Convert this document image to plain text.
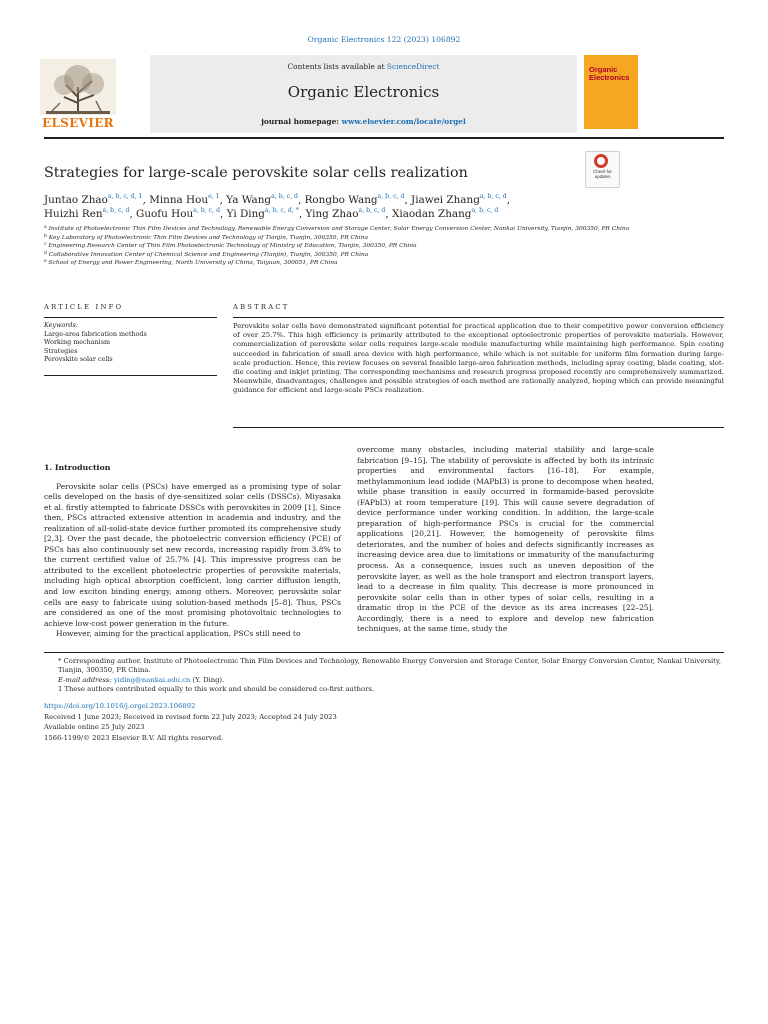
Organic Electronics 122 (2023) 106892
Contents lists available at ScienceDirect
Organic Electronics
journal homepage: www.elsevier.com/locate/orgel
ELSEVIER
Organic Electronics
Strategies for large-scale perovskite solar cells realization	Check for updates
Juntao Zhao$^{a, b, c, d, 1}$, Minna Hou$^{e, 1}$, Ya Wang$^{a, b, c, d}$, Rongbo Wang$^{a, b, c, d}$, Jiawei Zhang$^{a, b, c, d}$,
Huizhi Ren$^{a, b, c, d}$, Guofu Hou$^{a, b, c, d}$, Yi Ding$^{a, b, c, d, *}$, Ying Zhao$^{a, b, c, d}$, Xiaodan Zhang$^{a, b, c, d}$
$^a$ Institute of Photoelectronic Thin Film Devices and Technology, Renewable Energy Conversion and Storage Center, Solar Energy Conversion Center, Nankai University, Tianjin, 300350, PR China
$^b$ Key Laboratory of Photoelectronic Thin Film Devices and Technology of Tianjin, Tianjin, 300350, PR China
$^c$ Engineering Research Center of Thin Film Photoelectronic Technology of Ministry of Education, Tianjin, 300350, PR China
$^d$ Collaborative Innovation Center of Chemical Science and Engineering (Tianjin), Tianjin, 300350, PR China
$^e$ School of Energy and Power Engineering, North University of China, Taiyuan, 300051, PR China
ARTICLE INFO	ABSTRACT
Keywords:
Large-area fabrication methods
Working mechanism
Strategies
Perovskite solar cells
Perovskite solar cells have demonstrated significant potential for practical application due to their competitive power conversion efficiency of over 25.7%. This high efficiency is primarily attributed to the exceptional optoelectronic properties of perovskite materials. However, commercialization of perovskite solar cells requires large-scale module manufacturing while maintaining high performance. Spin coating succeeded in fabrication of small area device with high performance, while which is not suitable for uniform film formation during large-scale production. Hence, this review focuses on several feasible large-area fabrication methods, including spray coating, blade coating, slot-die coating and inkjet printing. The corresponding mechanisms and research progress proposed recently are comprehensively summarized. Meanwhile, disadvantages, challenges and possible strategies of each method are rationally analyzed, hoping which can provide meaningful guidance for efficient and large-scale PSCs realization.

1. Introduction

Perovskite solar cells (PSCs) have emerged as a promising type of solar cells developed on the basis of dye-sensitized solar cells (DSSCs). Miyasaka et al. firstly attempted to fabricate DSSCs with perovskites in 2009 [1]. Since then, PSCs attracted extensive attention in academia and industry, and the realization of all-solid-state device further promoted its comprehensive study [2,3]. Over the past decade, the photoelectric conversion efficiency (PCE) of PSCs has also continuously set new records, increasing rapidly from 3.8% to the current certified value of 25.7% [4]. This impressive progress can be attributed to the excellent photoelectric properties of perovskite materials, including high optical absorption coefficient, long carrier diffusion length, and low exciton binding energy, among others. Moreover, perovskite solar cells are easy to fabricate using solution-based methods [5–8]. Thus, PSCs are considered as one of the most promising photovoltaic technologies to achieve low-cost power generation in the future.

However, aiming for the practical application, PSCs still need to

overcome many obstacles, including material stability and large-scale fabrication [9–15]. The stability of perovskite is affected by both its intrinsic properties and environmental factors [16–18]. For example, methylammonium lead iodide (MAPbI3) is prone to decompose when heated, while phase transition is easily occurred in formamide-based perovskite (FAPbI3) at room temperature [19]. This will cause severe degradation of device performance under working condition. In addition, the large-scale preparation of high-performance PSCs is crucial for the commercial applications [20,21]. However, the homogeneity of perovskite films deteriorates, and the number of holes and defects significantly increases as increasing device area due to limitations or immaturity of the manufacturing process. As a consequence, issues such as uneven deposition of the perovskite layer, as well as the hole transport and electron transport layers, lead to a decrease in film quality. This decrease is more pronounced in perovskite solar cells than in other types of solar cells, resulting in a dramatic drop in the PCE of the device as its area increases [22–25]. Accordingly, there is a need to explore and develop new fabrication techniques, at the same time, study the

* Corresponding author. Institute of Photoelectronic Thin Film Devices and Technology, Renewable Energy Conversion and Storage Center, Solar Energy Conversion Center, Nankai University, Tianjin, 300350, PR China.
E-mail address: yiding@nankai.edu.cn (Y. Ding).
1 These authors contributed equally to this work and should be considered co-first authors.
https://doi.org/10.1016/j.orgel.2023.106892
Received 1 June 2023; Received in revised form 22 July 2023; Accepted 24 July 2023
Available online 25 July 2023
1566-1199/© 2023 Elsevier B.V. All rights reserved.
